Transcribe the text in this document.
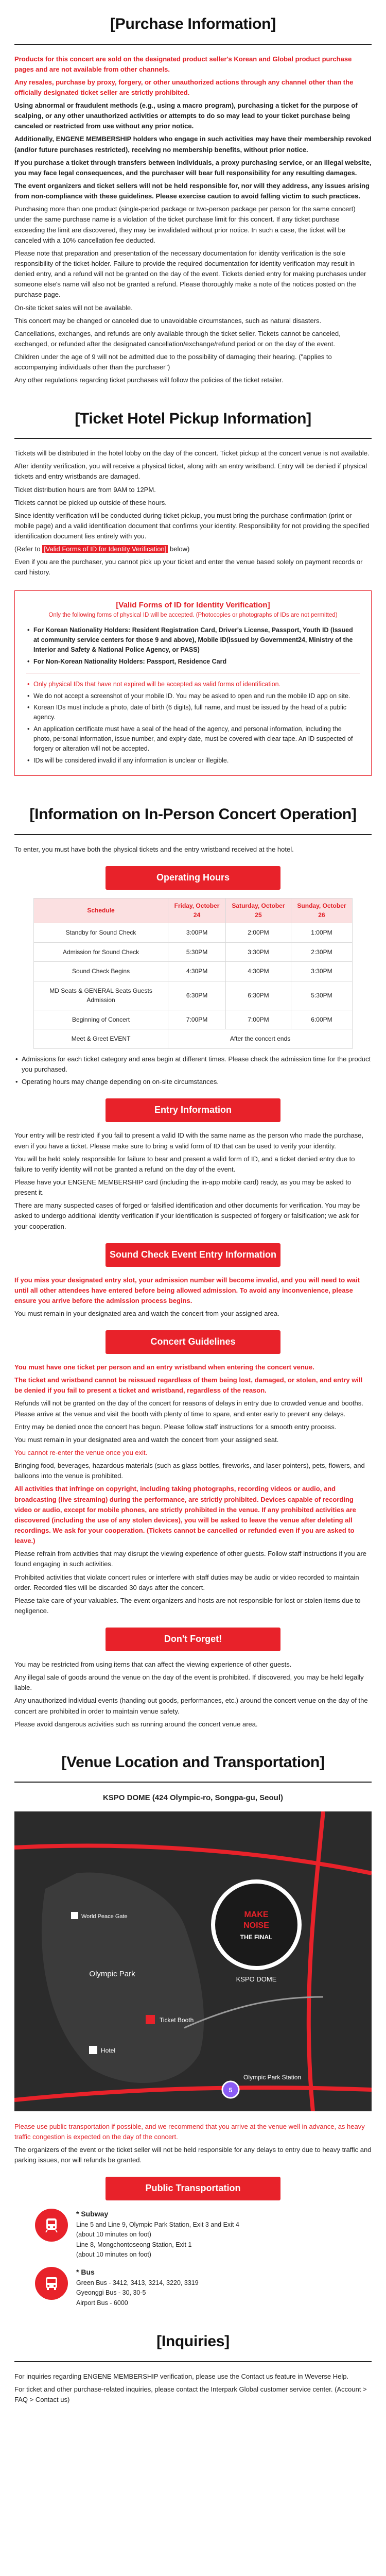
[Purchase Information]

Products for this concert are sold on the designated product seller's Korean and Global product purchase pages and are not available from other channels.

Any resales, purchase by proxy, forgery, or other unauthorized actions through any channel other than the officially designated ticket seller are strictly prohibited.

Using abnormal or fraudulent methods (e.g., using a macro program), purchasing a ticket for the purpose of scalping, or any other unauthorized activities or attempts to do so may lead to your ticket purchase being canceled or restricted from use without any prior notice.

Additionally, ENGENE MEMBERSHIP holders who engage in such activities may have their membership revoked (and/or future purchases restricted), receiving no membership benefits, without prior notice.

If you purchase a ticket through transfers between individuals, a proxy purchasing service, or an illegal website, you may face legal consequences, and the purchaser will bear full responsibility for any resulting damages.

The event organizers and ticket sellers will not be held responsible for, nor will they address, any issues arising from non-compliance with these guidelines. Please exercise caution to avoid falling victim to such practices.

Purchasing more than one product (single-period package or two-person package per person for the same concert) under the same purchase name is a violation of the ticket purchase limit for this concert. If any ticket purchase exceeding the limit are discovered, they may be invalidated without prior notice. In such a case, the ticket will be canceled with a 10% cancellation fee deducted.

Please note that preparation and presentation of the necessary documentation for identity verification is the sole responsibility of the ticket-holder. Failure to provide the required documentation for identity verification may result in denied entry, and a refund will not be granted on the day of the event. Tickets denied entry for making purchases under someone else's name will also not be granted a refund. Please thoroughly make a note of the notices posted on the purchase page.

On-site ticket sales will not be available.

This concert may be changed or canceled due to unavoidable circumstances, such as natural disasters.

Cancellations, exchanges, and refunds are only available through the ticket seller. Tickets cannot be canceled, exchanged, or refunded after the designated cancellation/exchange/refund period or on the day of the event.

Children under the age of 9 will not be admitted due to the possibility of damaging their hearing. ("applies to accompanying individuals other than the purchaser")

Any other regulations regarding ticket purchases will follow the policies of the ticket retailer.

[Ticket Hotel Pickup Information]

Tickets will be distributed in the hotel lobby on the day of the concert. Ticket pickup at the concert venue is not available.

After identity verification, you will receive a physical ticket, along with an entry wristband. Entry will be denied if physical tickets and entry wristbands are damaged.

Ticket distribution hours are from 9AM to 12PM.

Tickets cannot be picked up outside of these hours.

Since identity verification will be conducted during ticket pickup, you must bring the purchase confirmation (print or mobile page) and a valid identification document that confirms your identity. Responsibility for not providing the specified identification document lies entirely with you.

(Refer to [Valid Forms of ID for Identity Verification] below)

Even if you are the purchaser, you cannot pick up your ticket and enter the venue based solely on payment records or card history.

[Valid Forms of ID for Identity Verification]
Only the following forms of physical ID will be accepted. (Photocopies or photographs of IDs are not permitted)
• For Korean Nationality Holders: Resident Registration Card, Driver's License, Passport, Youth ID (Issued at community service centers for those 9 and above), Mobile ID(Issued by Government24, Ministry of the Interior and Safety & National Police Agency, or PASS)
• For Non-Korean Nationality Holders: Passport, Residence Card
• Only physical IDs that have not expired will be accepted as valid forms of identification.
• We do not accept a screenshot of your mobile ID. You may be asked to open and run the mobile ID app on site.
• Korean IDs must include a photo, date of birth (6 digits), full name, and must be issued by the head of a public agency.
• An application certificate must have a seal of the head of the agency, and personal information, including the photo, personal information, issue number, and expiry date, must be covered with clear tape. An ID suspected of forgery or alteration will not be accepted.
• IDs will be considered invalid if any information is unclear or illegible.
[Information on In-Person Concert Operation]

To enter, you must have both the physical tickets and the entry wristband received at the hotel.

Operating Hours
Schedule	Friday, October 24	Saturday, October 25	Sunday, October 26
Standby for Sound Check	3:00PM	2:00PM	1:00PM
Admission for Sound Check	5:30PM	3:30PM	2:30PM
Sound Check Begins	4:30PM	4:30PM	3:30PM
MD Seats & GENERAL Seats Guests Admission	6:30PM	6:30PM	5:30PM
Beginning of Concert	7:00PM	7:00PM	6:00PM
Meet & Greet EVENT	After the concert ends		
• Admissions for each ticket category and area begin at different times. Please check the admission time for the product you purchased.
• Operating hours may change depending on on-site circumstances.
Entry Information

Your entry will be restricted if you fail to present a valid ID with the same name as the person who made the purchase, even if you have a ticket. Please make sure to bring a valid form of ID that can be used to verify your identity.

You will be held solely responsible for failure to bear and present a valid form of ID, and a ticket denied entry due to failure to verify identity will not be granted a refund on the day of the event.

Please have your ENGENE MEMBERSHIP card (including the in-app mobile card) ready, as you may be asked to present it.

There are many suspected cases of forged or falsified identification and other documents for verification. You may be asked to undergo additional identity verification if your identification is suspected of forgery or falsification; we ask for your cooperation.

Sound Check Event Entry Information

If you miss your designated entry slot, your admission number will become invalid, and you will need to wait until all other attendees have entered before being allowed admission. To avoid any inconvenience, please ensure you arrive before the admission process begins.

You must remain in your designated area and watch the concert from your assigned area.

Concert Guidelines

You must have one ticket per person and an entry wristband when entering the concert venue.

The ticket and wristband cannot be reissued regardless of them being lost, damaged, or stolen, and entry will be denied if you fail to present a ticket and wristband, regardless of the reason.

Refunds will not be granted on the day of the concert for reasons of delays in entry due to crowded venue and booths. Please arrive at the venue and visit the booth with plenty of time to spare, and enter early to prevent any delays.

Entry may be denied once the concert has begun. Please follow staff instructions for a smooth entry process.

You must remain in your designated area and watch the concert from your assigned seat.

You cannot re-enter the venue once you exit.

Bringing food, beverages, hazardous materials (such as glass bottles, fireworks, and laser pointers), pets, flowers, and balloons into the venue is prohibited.

All activities that infringe on copyright, including taking photographs, recording videos or audio, and broadcasting (live streaming) during the performance, are strictly prohibited. Devices capable of recording video or audio, except for mobile phones, are strictly prohibited in the venue. If any prohibited activities are discovered (including the use of any stolen devices), you will be asked to leave the venue after deleting all recordings. We ask for your cooperation. (Tickets cannot be cancelled or refunded even if you are asked to leave.)

Please refrain from activities that may disrupt the viewing experience of other guests. Follow staff instructions if you are found engaging in such activities.

Prohibited activities that violate concert rules or interfere with staff duties may be audio or video recorded to maintain order. Recorded files will be discarded 30 days after the concert.

Please take care of your valuables. The event organizers and hosts are not responsible for lost or stolen items due to negligence.

Don't Forget!

You may be restricted from using items that can affect the viewing experience of other guests.

Any illegal sale of goods around the venue on the day of the event is prohibited. If discovered, you may be held legally liable.

Any unauthorized individual events (handing out goods, performances, etc.) around the concert venue on the day of the concert are prohibited in order to maintain venue safety.

Please avoid dangerous activities such as running around the concert venue area.

[Venue Location and Transportation]
KSPO DOME (424 Olympic-ro, Songpa-gu, Seoul)
MAKE
NOISE
THE FINAL
KSPO DOME
Olympic Park
Ticket Booth
Hotel
5
Olympic Park Station
World Peace Gate

Please use public transportation if possible, and we recommend that you arrive at the venue well in advance, as heavy traffic congestion is expected on the day of the concert.

The organizers of the event or the ticket seller will not be held responsible for any delays to entry due to heavy traffic and parking issues, nor will refunds be granted.

Public Transportation
* Subway
Line 5 and Line 9, Olympic Park Station, Exit 3 and Exit 4
(about 10 minutes on foot)
Line 8, Mongchontoseong Station, Exit 1
(about 10 minutes on foot)
* Bus
Green Bus - 3412, 3413, 3214, 3220, 3319
Gyeonggi Bus - 30, 30-5
Airport Bus - 6000
[Inquiries]

For inquiries regarding ENGENE MEMBERSHIP verification, please use the Contact us feature in Weverse Help.

For ticket and other purchase-related inquiries, please contact the Interpark Global customer service center. (Account > FAQ > Contact us)
